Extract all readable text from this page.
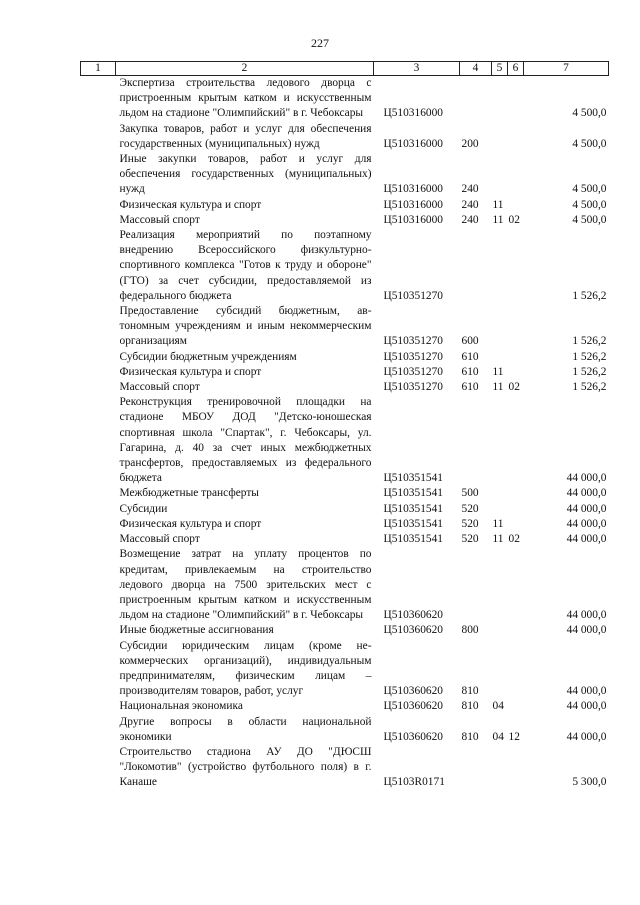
227
1	2	3	4	5	6	7
	Экспертиза строительства ледового дворца с пристроенным крытым катком и искусственным льдом на стадионе "Олимпийский" в г. Чебоксары	Ц510316000				4 500,0
	Закупка товаров, работ и услуг для обеспечения государственных (муниципальных) нужд	Ц510316000	200			4 500,0
	Иные закупки товаров, работ и услуг для обеспечения государственных (муниципальных) нужд	Ц510316000	240			4 500,0
	Физическая культура и спорт	Ц510316000	240	11		4 500,0
	Массовый спорт	Ц510316000	240	11	02	4 500,0
	Реализация мероприятий по поэтапному внедрению Всероссийского физкультурно-спортивного комплекса "Готов к труду и обороне" (ГТО) за счет субсидии, предоставляемой из федерального бюджета	Ц510351270				1 526,2
	Предоставление субсидий бюджетным, автономным учреждениям и иным некоммерческим организациям	Ц510351270	600			1 526,2
	Субсидии бюджетным учреждениям	Ц510351270	610			1 526,2
	Физическая культура и спорт	Ц510351270	610	11		1 526,2
	Массовый спорт	Ц510351270	610	11	02	1 526,2
	Реконструкция тренировочной площадки на стадионе МБОУ ДОД "Детско-юношеская спортивная школа "Спартак", г. Чебоксары, ул. Гагарина, д. 40 за счет иных межбюджетных трансфертов, предоставляемых из федерального бюджета	Ц510351541				44 000,0
	Межбюджетные трансферты	Ц510351541	500			44 000,0
	Субсидии	Ц510351541	520			44 000,0
	Физическая культура и спорт	Ц510351541	520	11		44 000,0
	Массовый спорт	Ц510351541	520	11	02	44 000,0
	Возмещение затрат на уплату процентов по кредитам, привлекаемым на строительство ледового дворца на 7500 зрительских мест с пристроенным крытым катком и искусственным льдом на стадионе "Олимпийский" в г. Чебоксары	Ц510360620				44 000,0
	Иные бюджетные ассигнования	Ц510360620	800			44 000,0
	Субсидии юридическим лицам (кроме некоммерческих организаций), индивидуальным предпринимателям, физическим лицам – производителям товаров, работ, услуг	Ц510360620	810			44 000,0
	Национальная экономика	Ц510360620	810	04		44 000,0
	Другие вопросы в области национальной экономики	Ц510360620	810	04	12	44 000,0
	Строительство стадиона АУ ДО "ДЮСШ "Локомотив" (устройство футбольного поля) в г. Канаше	Ц5103R0171				5 300,0
